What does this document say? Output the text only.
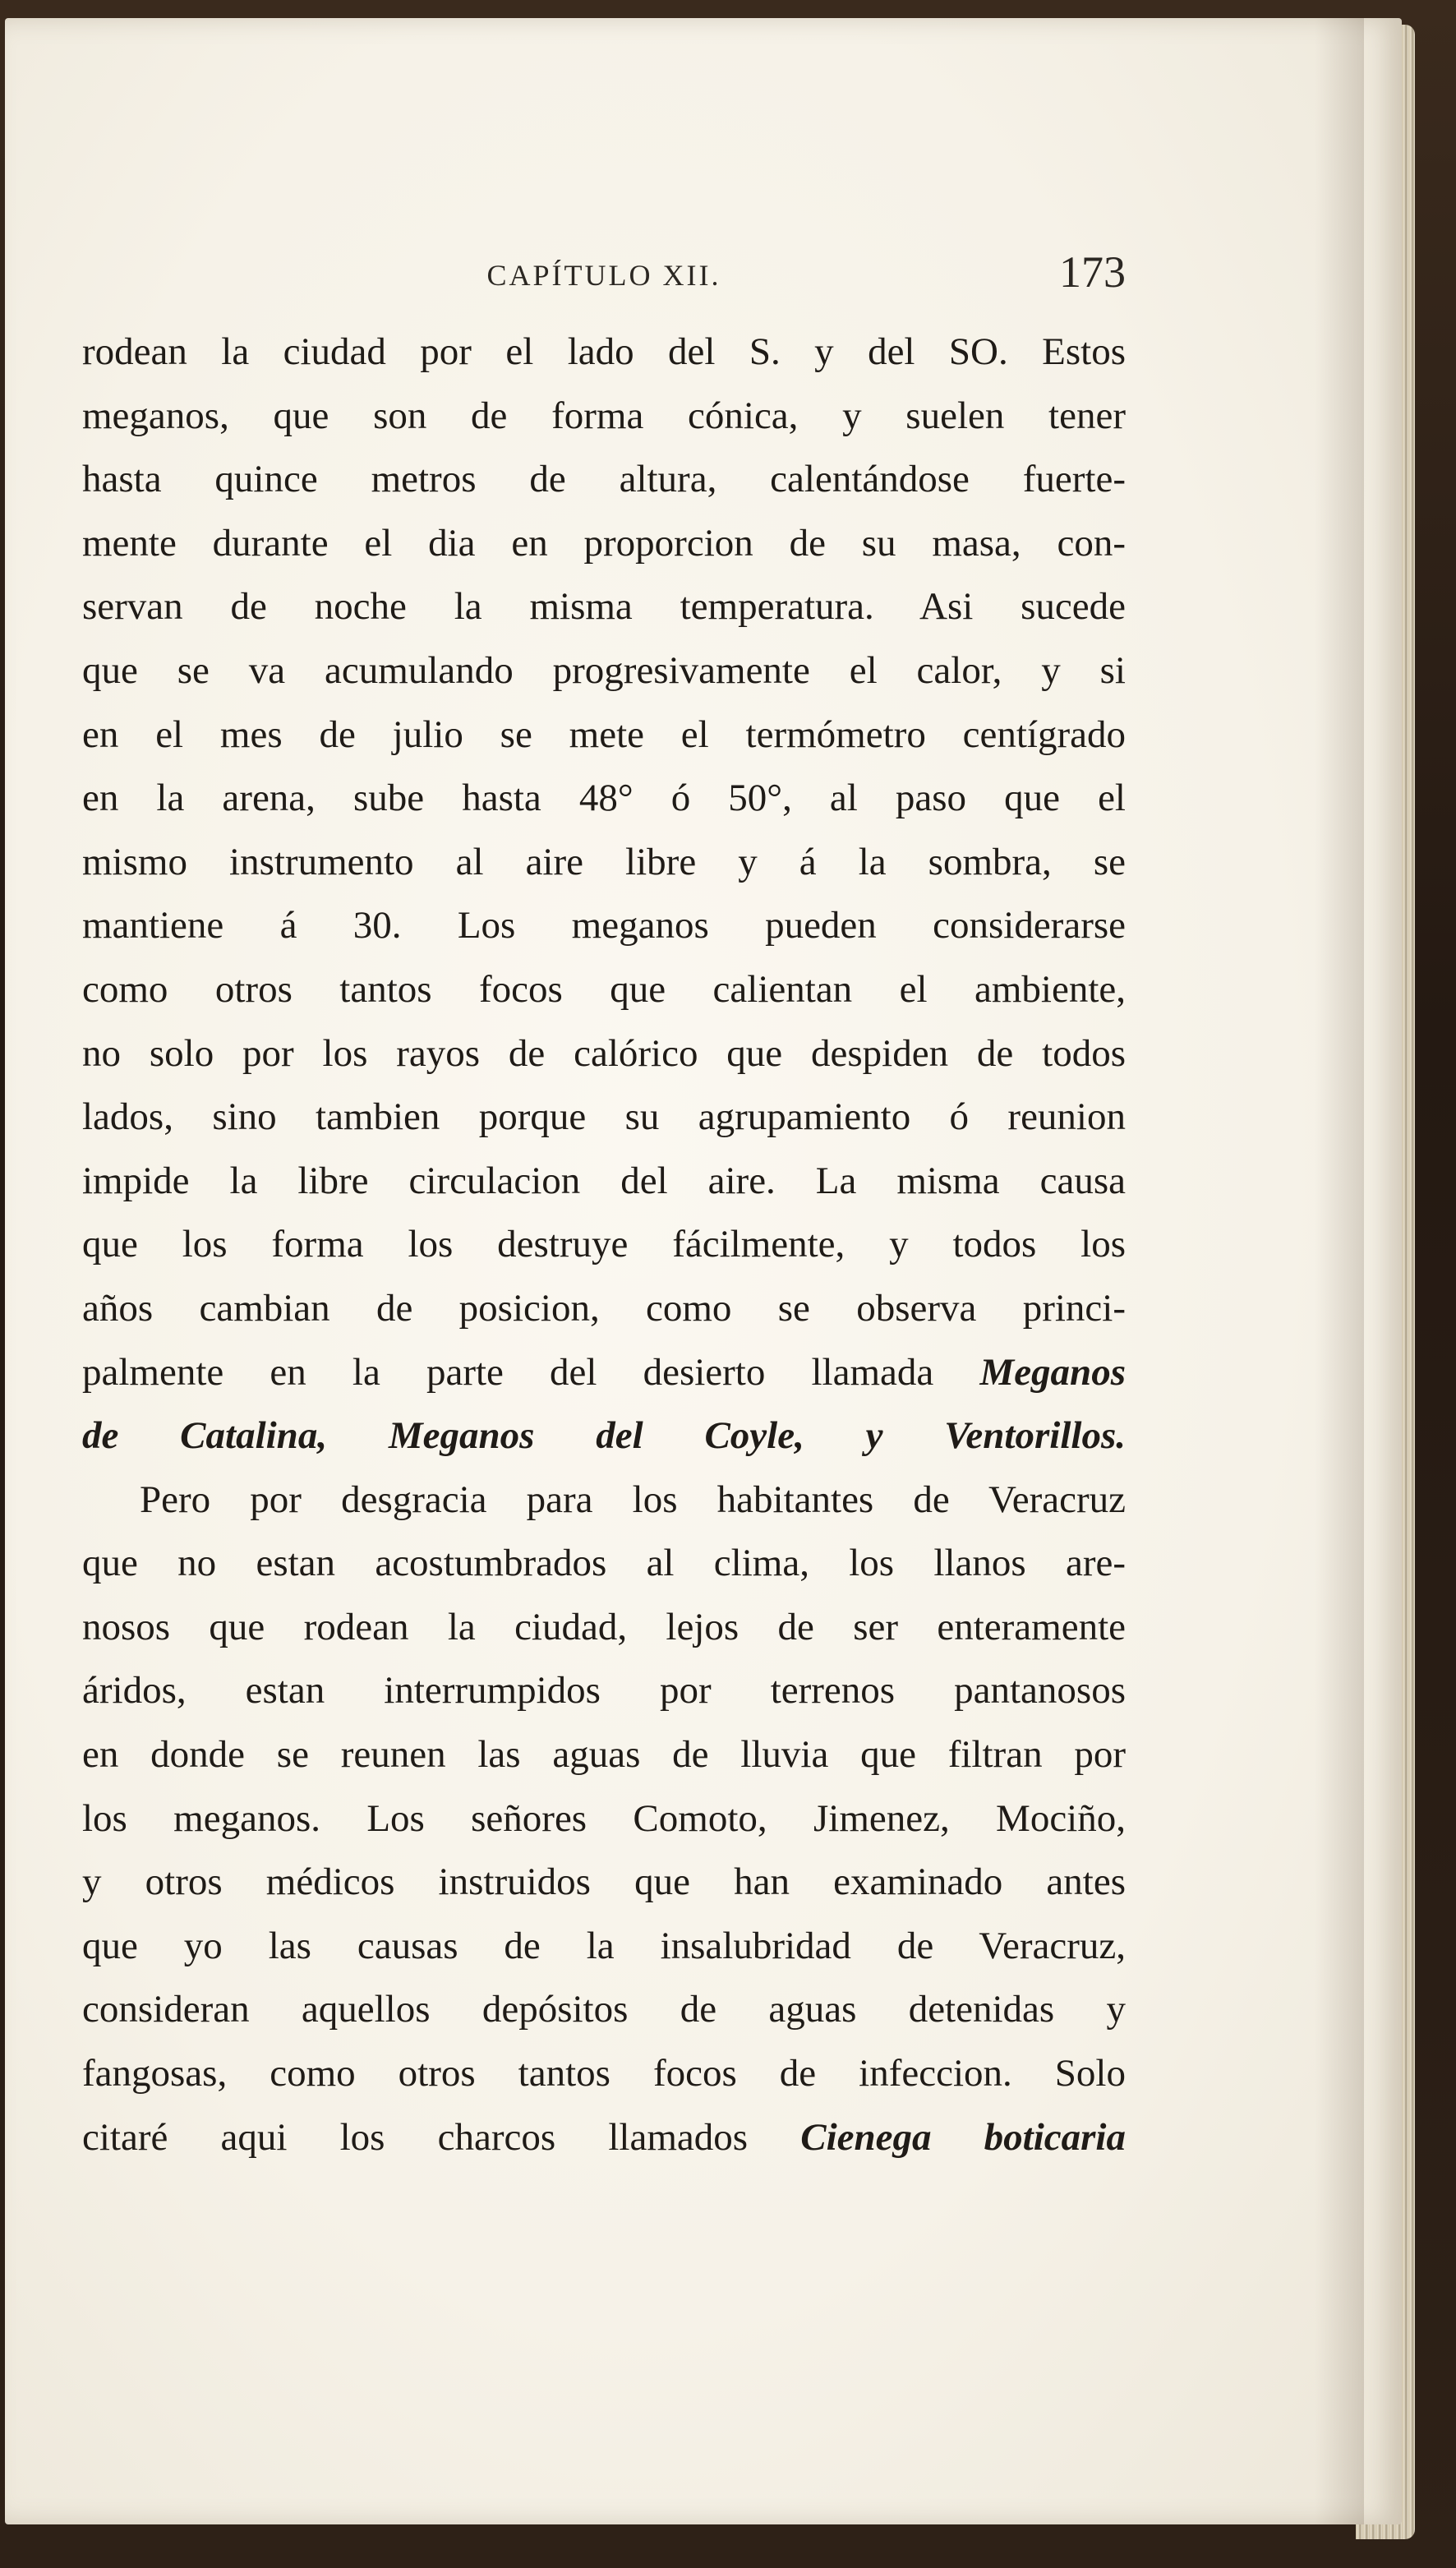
CAPÍTULO XII.	173
rodean la ciudad por el lado del S. y del SO. Estos
meganos, que son de forma cónica, y suelen tener
hasta quince metros de altura, calentándose fuerte-
mente durante el dia en proporcion de su masa, con-
servan de noche la misma temperatura. Asi sucede
que se va acumulando progresivamente el calor, y si
en el mes de julio se mete el termómetro centígrado
en la arena, sube hasta 48° ó 50°, al paso que el
mismo instrumento al aire libre y á la sombra, se
mantiene á 30. Los meganos pueden considerarse
como otros tantos focos que calientan el ambiente,
no solo por los rayos de calórico que despiden de todos
lados, sino tambien porque su agrupamiento ó reunion
impide la libre circulacion del aire. La misma causa
que los forma los destruye fácilmente, y todos los
años cambian de posicion, como se observa princi-
palmente en la parte del desierto llamada Meganos
de Catalina, Meganos del Coyle, y Ventorillos.
Pero por desgracia para los habitantes de Veracruz
que no estan acostumbrados al clima, los llanos are-
nosos que rodean la ciudad, lejos de ser enteramente
áridos, estan interrumpidos por terrenos pantanosos
en donde se reunen las aguas de lluvia que filtran por
los meganos. Los señores Comoto, Jimenez, Mociño,
y otros médicos instruidos que han examinado antes
que yo las causas de la insalubridad de Veracruz,
consideran aquellos depósitos de aguas detenidas y
fangosas, como otros tantos focos de infeccion. Solo
citaré aqui los charcos llamados Cienega boticaria
